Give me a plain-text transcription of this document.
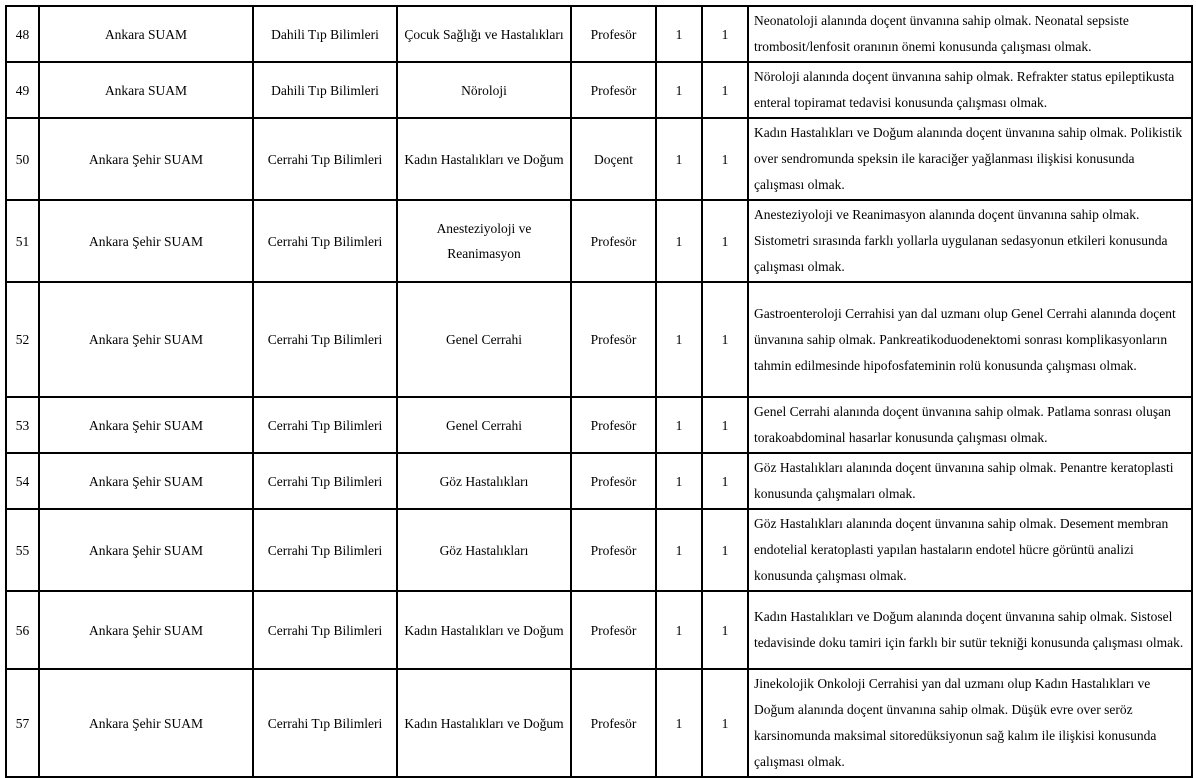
48	Ankara SUAM	Dahili Tıp Bilimleri	Çocuk Sağlığı ve Hastalıkları	Profesör	1	1	Neonatoloji alanında doçent ünvanına sahip olmak. Neonatal sepsiste trombosit/lenfosit oranının önemi konusunda çalışması olmak.
49	Ankara SUAM	Dahili Tıp Bilimleri	Nöroloji	Profesör	1	1	Nöroloji alanında doçent ünvanına sahip olmak. Refrakter status epileptikusta enteral topiramat tedavisi konusunda çalışması olmak.
50	Ankara Şehir SUAM	Cerrahi Tıp Bilimleri	Kadın Hastalıkları ve Doğum	Doçent	1	1	Kadın Hastalıkları ve Doğum alanında doçent ünvanına sahip olmak. Polikistik over sendromunda speksin ile karaciğer yağlanması ilişkisi konusunda çalışması olmak.
51	Ankara Şehir SUAM	Cerrahi Tıp Bilimleri	Anesteziyoloji ve Reanimasyon	Profesör	1	1	Anesteziyoloji ve Reanimasyon alanında doçent ünvanına sahip olmak. Sistometri sırasında farklı yollarla uygulanan sedasyonun etkileri konusunda çalışması olmak.
52	Ankara Şehir SUAM	Cerrahi Tıp Bilimleri	Genel Cerrahi	Profesör	1	1	Gastroenteroloji Cerrahisi yan dal uzmanı olup Genel Cerrahi alanında doçent ünvanına sahip olmak. Pankreatikoduodenektomi sonrası komplikasyonların tahmin edilmesinde hipofosfateminin rolü konusunda çalışması olmak.
53	Ankara Şehir SUAM	Cerrahi Tıp Bilimleri	Genel Cerrahi	Profesör	1	1	Genel Cerrahi alanında doçent ünvanına sahip olmak. Patlama sonrası oluşan torakoabdominal hasarlar konusunda çalışması olmak.
54	Ankara Şehir SUAM	Cerrahi Tıp Bilimleri	Göz Hastalıkları	Profesör	1	1	Göz Hastalıkları alanında doçent ünvanına sahip olmak. Penantre keratoplasti konusunda çalışmaları olmak.
55	Ankara Şehir SUAM	Cerrahi Tıp Bilimleri	Göz Hastalıkları	Profesör	1	1	Göz Hastalıkları alanında doçent ünvanına sahip olmak. Desement membran endotelial keratoplasti yapılan hastaların endotel hücre görüntü analizi konusunda çalışması olmak.
56	Ankara Şehir SUAM	Cerrahi Tıp Bilimleri	Kadın Hastalıkları ve Doğum	Profesör	1	1	Kadın Hastalıkları ve Doğum alanında doçent ünvanına sahip olmak. Sistosel tedavisinde doku tamiri için farklı bir sutür tekniği konusunda çalışması olmak.
57	Ankara Şehir SUAM	Cerrahi Tıp Bilimleri	Kadın Hastalıkları ve Doğum	Profesör	1	1	Jinekolojik Onkoloji Cerrahisi yan dal uzmanı olup Kadın Hastalıkları ve Doğum alanında doçent ünvanına sahip olmak. Düşük evre over seröz karsinomunda maksimal sitoredüksiyonun sağ kalım ile ilişkisi konusunda çalışması olmak.
